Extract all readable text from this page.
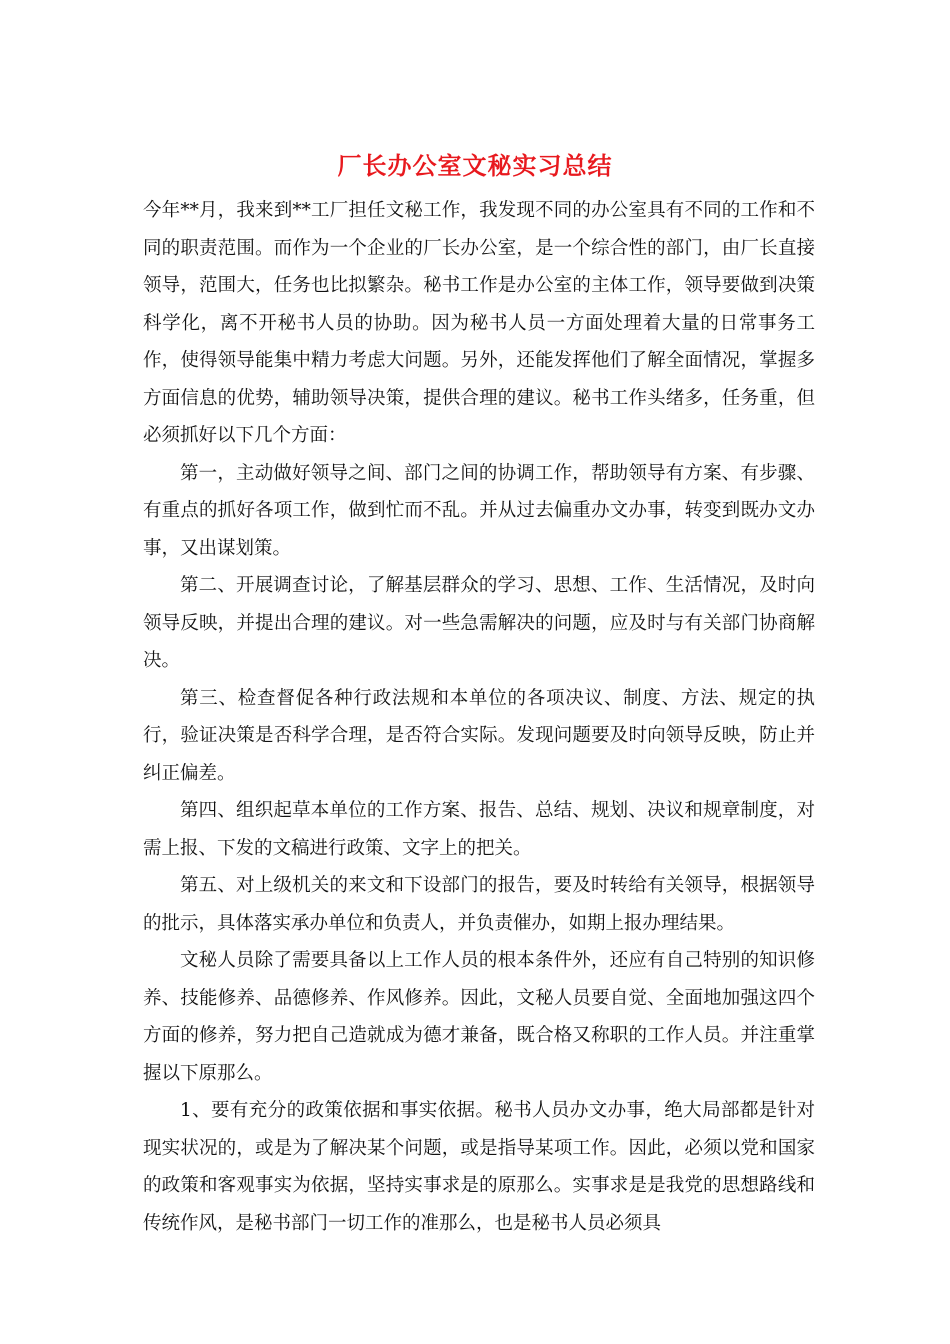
厂长办公室文秘实习总结

今年**月，我来到**工厂担任文秘工作，我发现不同的办公室具有不同的工作和不同的职责范围。而作为一个企业的厂长办公室，是一个综合性的部门，由厂长直接领导，范围大，任务也比拟繁杂。秘书工作是办公室的主体工作，领导要做到决策科学化，离不开秘书人员的协助。因为秘书人员一方面处理着大量的日常事务工作，使得领导能集中精力考虑大问题。另外，还能发挥他们了解全面情况，掌握多方面信息的优势，辅助领导决策，提供合理的建议。秘书工作头绪多，任务重，但必须抓好以下几个方面：

第一，主动做好领导之间、部门之间的协调工作，帮助领导有方案、有步骤、有重点的抓好各项工作，做到忙而不乱。并从过去偏重办文办事，转变到既办文办事，又出谋划策。

第二、开展调查讨论，了解基层群众的学习、思想、工作、生活情况，及时向领导反映，并提出合理的建议。对一些急需解决的问题，应及时与有关部门协商解决。

第三、检查督促各种行政法规和本单位的各项决议、制度、方法、规定的执行，验证决策是否科学合理，是否符合实际。发现问题要及时向领导反映，防止并纠正偏差。

第四、组织起草本单位的工作方案、报告、总结、规划、决议和规章制度，对需上报、下发的文稿进行政策、文字上的把关。

第五、对上级机关的来文和下设部门的报告，要及时转给有关领导，根据领导的批示，具体落实承办单位和负责人，并负责催办，如期上报办理结果。

文秘人员除了需要具备以上工作人员的根本条件外，还应有自己特别的知识修养、技能修养、品德修养、作风修养。因此，文秘人员要自觉、全面地加强这四个方面的修养，努力把自己造就成为德才兼备，既合格又称职的工作人员。并注重掌握以下原那么。

1、要有充分的政策依据和事实依据。秘书人员办文办事，绝大局部都是针对现实状况的，或是为了解决某个问题，或是指导某项工作。因此，必须以党和国家的政策和客观事实为依据，坚持实事求是的原那么。实事求是是我党的思想路线和传统作风，是秘书部门一切工作的准那么，也是秘书人员必须具
